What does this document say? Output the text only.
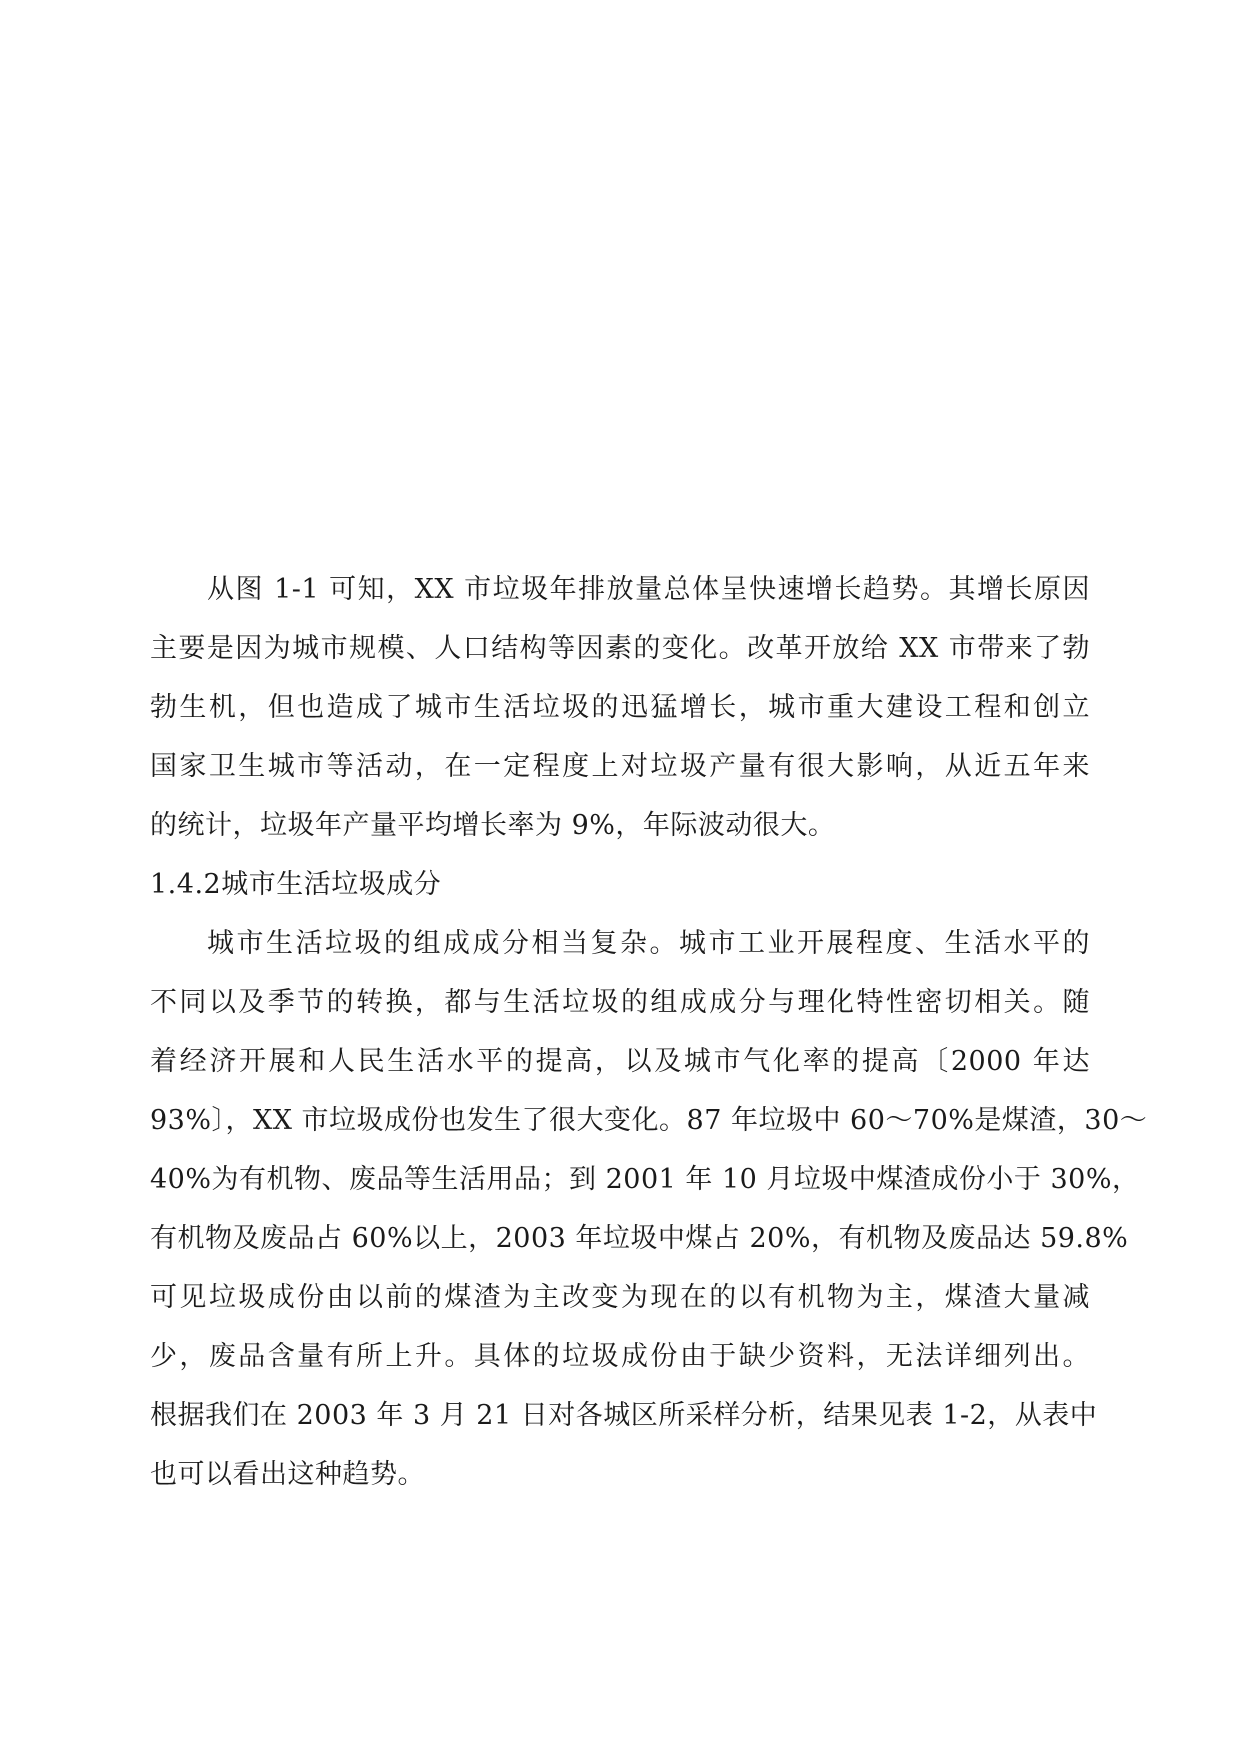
从图 1-1 可知，XX 市垃圾年排放量总体呈快速增长趋势。其增长原因
主要是因为城市规模、人口结构等因素的变化。改革开放给 XX 市带来了勃
勃生机，但也造成了城市生活垃圾的迅猛增长，城市重大建设工程和创立
国家卫生城市等活动，在一定程度上对垃圾产量有很大影响，从近五年来
的统计，垃圾年产量平均增长率为 9%，年际波动很大。
1.4.2城市生活垃圾成分
城市生活垃圾的组成成分相当复杂。城市工业开展程度、生活水平的
不同以及季节的转换，都与生活垃圾的组成成分与理化特性密切相关。随
着经济开展和人民生活水平的提高，以及城市气化率的提高〔2000 年达
93%〕，XX 市垃圾成份也发生了很大变化。87 年垃圾中 60～70%是煤渣，30～
40%为有机物、废品等生活用品；到 2001 年 10 月垃圾中煤渣成份小于 30%，
有机物及废品占 60%以上，2003 年垃圾中煤占 20%，有机物及废品达 59.8%
可见垃圾成份由以前的煤渣为主改变为现在的以有机物为主，煤渣大量减
少，废品含量有所上升。具体的垃圾成份由于缺少资料，无法详细列出。
根据我们在 2003 年 3 月 21 日对各城区所采样分析，结果见表 1-2，从表中
也可以看出这种趋势。
